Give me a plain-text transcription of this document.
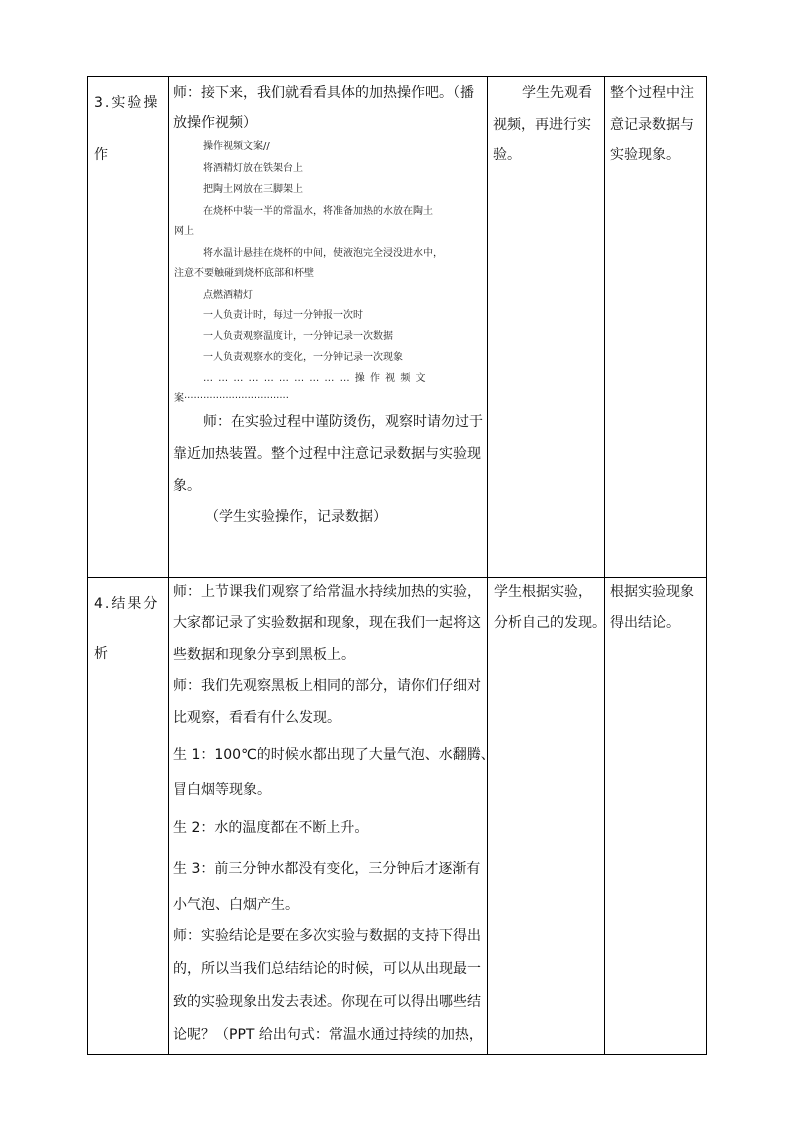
3.实验操
作
师：接下来，我们就看看具体的加热操作吧。（播
放操作视频）
操作视频文案//
将酒精灯放在铁架台上
把陶土网放在三脚架上
在烧杯中装一半的常温水，将准备加热的水放在陶土
网上
将水温计悬挂在烧杯的中间，使液泡完全浸没进水中，
注意不要触碰到烧杯底部和杯壁
点燃酒精灯
一人负责计时，每过一分钟报一次时
一人负责观察温度计，一分钟记录一次数据
一人负责观察水的变化，一分钟记录一次现象
… … … … … … … … … … 操 作 视 频 文
案·································
师：在实验过程中谨防烫伤，观察时请勿过于
靠近加热装置。整个过程中注意记录数据与实验现
象。
（学生实验操作，记录数据）
学生先观看
视频，再进行实
验。
整个过程中注
意记录数据与
实验现象。
4.结果分
析
师：上节课我们观察了给常温水持续加热的实验，
大家都记录了实验数据和现象，现在我们一起将这
些数据和现象分享到黑板上。
师：我们先观察黑板上相同的部分，请你们仔细对
比观察，看看有什么发现。
生 1：100℃的时候水都出现了大量气泡、水翻腾、
冒白烟等现象。
生 2：水的温度都在不断上升。
生 3：前三分钟水都没有变化，三分钟后才逐渐有
小气泡、白烟产生。
师：实验结论是要在多次实验与数据的支持下得出
的，所以当我们总结结论的时候，可以从出现最一
致的实验现象出发去表述。你现在可以得出哪些结
论呢？（PPT 给出句式：常温水通过持续的加热，
学生根据实验，
分析自己的发现。
根据实验现象
得出结论。
